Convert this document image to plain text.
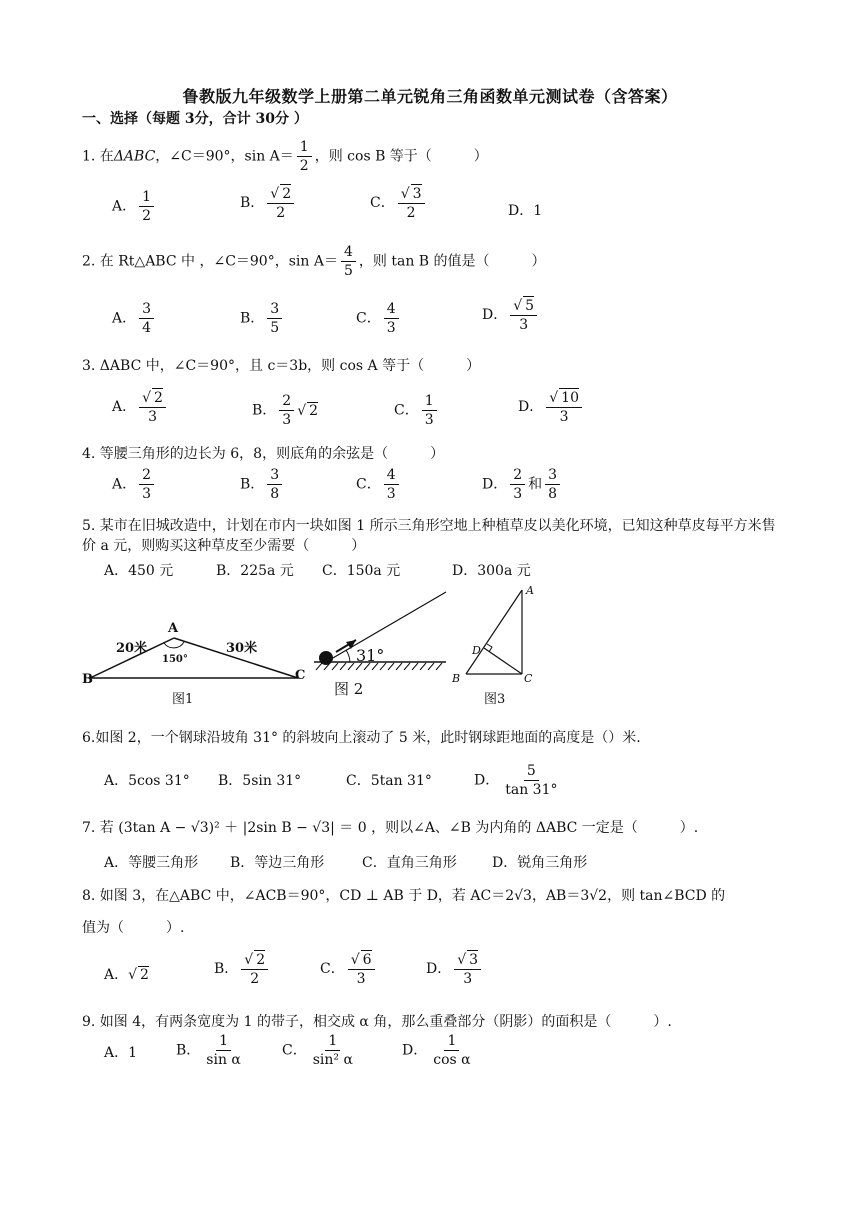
鲁教版九年级数学上册第二单元锐角三角函数单元测试卷（含答案）
一、选择（每题 3分，合计 30分 ）
1. 在ΔABC，∠C＝90°，$\sin A= \frac{1}{2}$ ，则 cos B 等于（　　　）
A． $\frac{1}{2}$	B． $\frac{√ 2}{2}$	C． $\frac{√ 3}{2}$	D．1
2. 在 Rt△ABC 中 ，∠C＝90°，$\sin A= \frac{4}{5}$ ，则 tan B 的值是（　　　）
A． $\frac{3}{4}$	B． $\frac{3}{5}$	C． $\frac{4}{3}$	D． $\frac{√ 5}{3}$
3. ΔABC 中，∠C＝90°，且 c＝3b，则 cos A 等于（　　　）
A． $\frac{√ 2}{3}$	B． $\frac{2}{3}$ √ 2	C． $\frac{1}{3}$	D． $\frac{√ 10}{3}$
4. 等腰三角形的边长为 6，8，则底角的余弦是（　　　）
A． $\frac{2}{3}$	B． $\frac{3}{8}$	C． $\frac{4}{3}$	D． $\frac{2}{3}$ 和 $\frac{3}{8}$
5. 某市在旧城改造中，计划在市内一块如图 1 所示三角形空地上种植草皮以美化环境，已知这种草皮每平方米售价 a 元，则购买这种草皮至少需要（　　　）
A．450 元	B．225a 元 C．150a 元	D．300a 元
20米	30米
A
150°
B	C
图1
31°
图 2
A
D
B	C
图3
6.如图 2，一个钢球沿坡角 31° 的斜坡向上滚动了 5 米，此时钢球距地面的高度是（）米.
A．5cos 31° B．5sin 31°	C．5tan 31°	D． $\frac{5}{\tan 31^\circ}$
7. 若 (3tan A − √3)² ＋ |2sin B − √3| ＝ 0 ，则以∠A、∠B 为内角的 ΔABC 一定是（　　　）.
A．等腰三角形 B．等边三角形	C．直角三角形	D．锐角三角形
8. 如图 3，在△ABC 中，∠ACB＝90°，CD ⊥ AB 于 D，若 AC＝2√3，AB＝3√2，则 tan∠BCD 的
值为（　　　）.
A．√ 2	B． $\frac{√ 2}{2}$	C． $\frac{√ 6}{3}$	D． $\frac{√ 3}{3}$
9. 如图 4，有两条宽度为 1 的带子，相交成 α 角，那么重叠部分（阴影）的面积是（　　　）.
A．1	B． $\frac{1}{\text{sin α}}$	C． $\frac{1}{\text{sin² α}}$	D． $\frac{1}{\text{cos α}}$
